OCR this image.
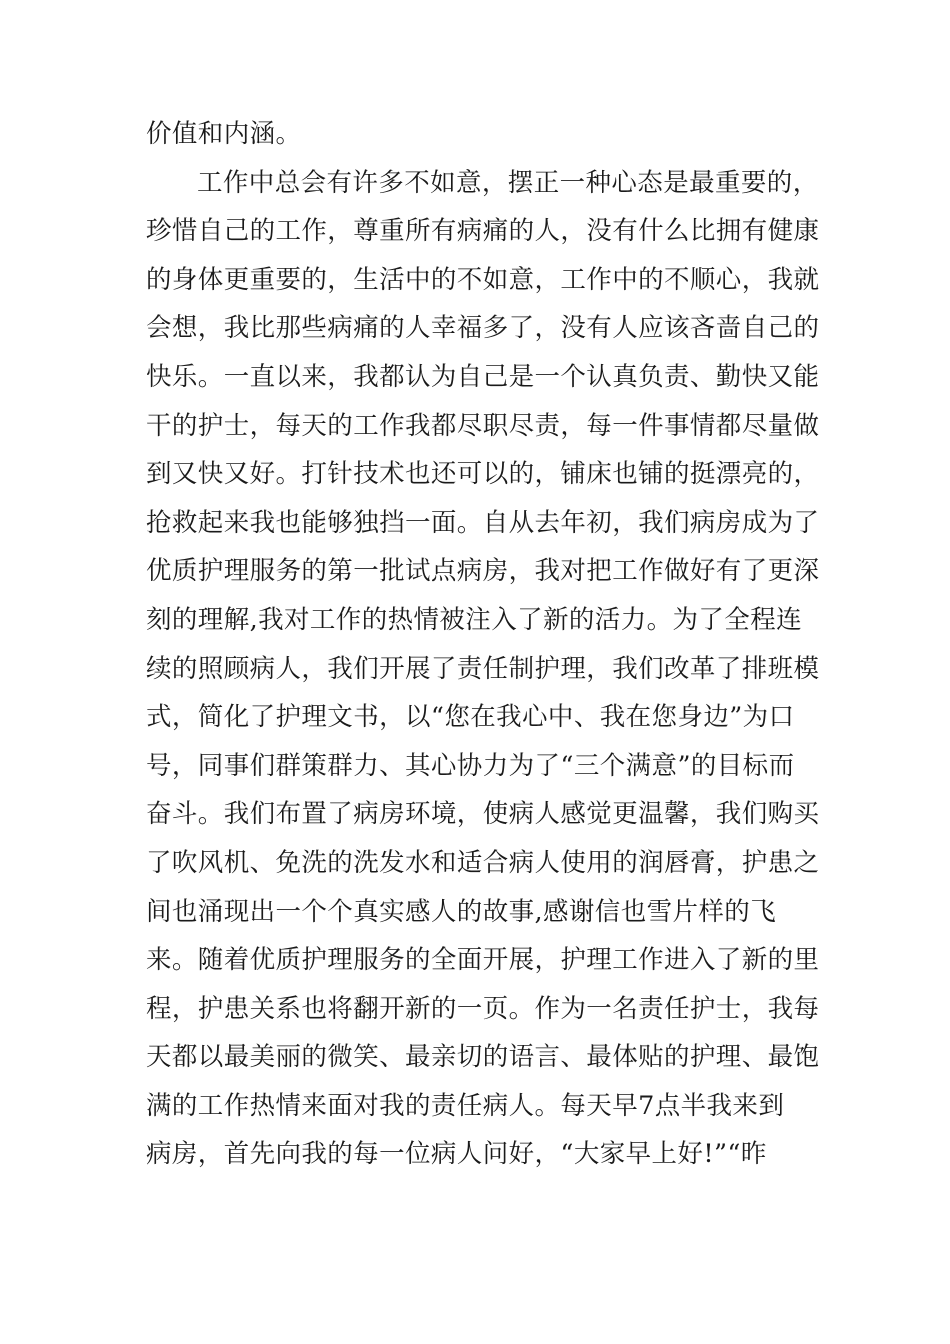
价值和内涵。
工作中总会有许多不如意，摆正一种心态是最重要的，
珍惜自己的工作，尊重所有病痛的人，没有什么比拥有健康
的身体更重要的，生活中的不如意，工作中的不顺心，我就
会想，我比那些病痛的人幸福多了，没有人应该吝啬自己的
快乐。一直以来，我都认为自己是一个认真负责、勤快又能
干的护士，每天的工作我都尽职尽责，每一件事情都尽量做
到又快又好。打针技术也还可以的，铺床也铺的挺漂亮的，
抢救起来我也能够独挡一面。自从去年初，我们病房成为了
优质护理服务的第一批试点病房，我对把工作做好有了更深
刻的理解,我对工作的热情被注入了新的活力。为了全程连
续的照顾病人，我们开展了责任制护理，我们改革了排班模
式，简化了护理文书，以“您在我心中、我在您身边”为口
号，同事们群策群力、其心协力为了“三个满意”的目标而
奋斗。我们布置了病房环境，使病人感觉更温馨，我们购买
了吹风机、免洗的洗发水和适合病人使用的润唇膏，护患之
间也涌现出一个个真实感人的故事,感谢信也雪片样的飞
来。随着优质护理服务的全面开展，护理工作进入了新的里
程，护患关系也将翻开新的一页。作为一名责任护士，我每
天都以最美丽的微笑、最亲切的语言、最体贴的护理、最饱
满的工作热情来面对我的责任病人。每天早7点半我来到
病房，首先向我的每一位病人问好，“大家早上好!”“昨
